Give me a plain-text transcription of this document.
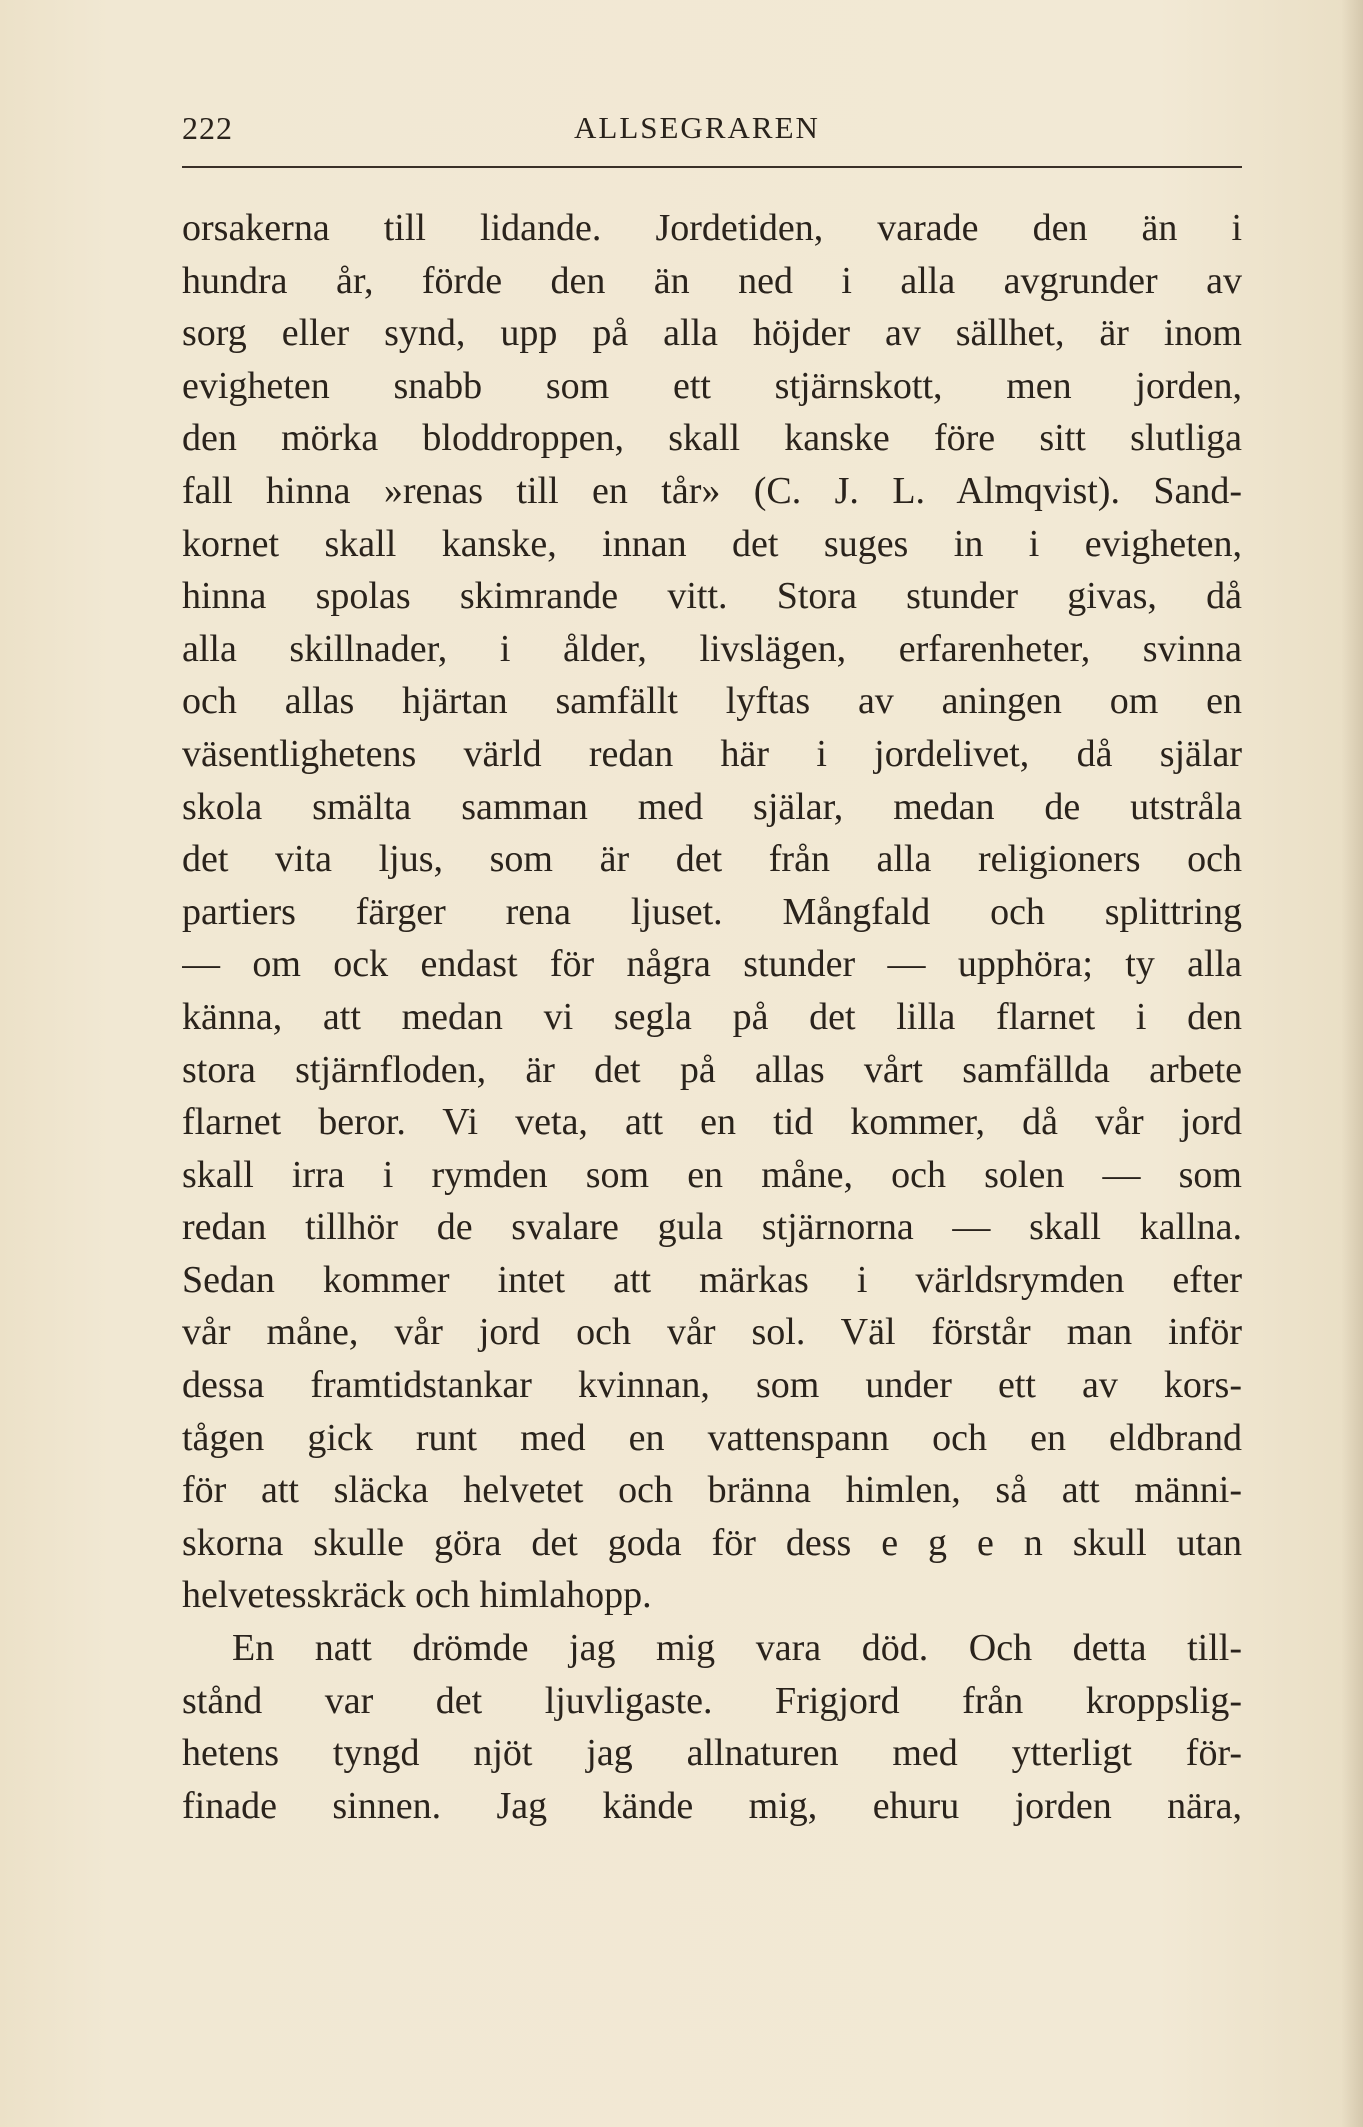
222	ALLSEGRAREN
orsakerna till lidande. Jordetiden, varade den än i
hundra år, förde den än ned i alla avgrunder av
sorg eller synd, upp på alla höjder av sällhet, är inom
evigheten snabb som ett stjärnskott, men jorden,
den mörka bloddroppen, skall kanske före sitt slutliga
fall hinna »renas till en tår» (C. J. L. Almqvist). Sand-
kornet skall kanske, innan det suges in i evigheten,
hinna spolas skimrande vitt. Stora stunder givas, då
alla skillnader, i ålder, livslägen, erfarenheter, svinna
och allas hjärtan samfällt lyftas av aningen om en
väsentlighetens värld redan här i jordelivet, då själar
skola smälta samman med själar, medan de utstråla
det vita ljus, som är det från alla religioners och
partiers färger rena ljuset. Mångfald och splittring
— om ock endast för några stunder — upphöra; ty alla
känna, att medan vi segla på det lilla flarnet i den
stora stjärnfloden, är det på allas vårt samfällda arbete
flarnet beror. Vi veta, att en tid kommer, då vår jord
skall irra i rymden som en måne, och solen — som
redan tillhör de svalare gula stjärnorna — skall kallna.
Sedan kommer intet att märkas i världsrymden efter
vår måne, vår jord och vår sol. Väl förstår man inför
dessa framtidstankar kvinnan, som under ett av kors-
tågen gick runt med en vattenspann och en eldbrand
för att släcka helvetet och bränna himlen, så att männi-
skorna skulle göra det goda för dess e g e n skull utan
helvetesskräck och himlahopp.
En natt drömde jag mig vara död. Och detta till-
stånd var det ljuvligaste. Frigjord från kroppslig-
hetens tyngd njöt jag allnaturen med ytterligt för-
finade sinnen. Jag kände mig, ehuru jorden nära,
